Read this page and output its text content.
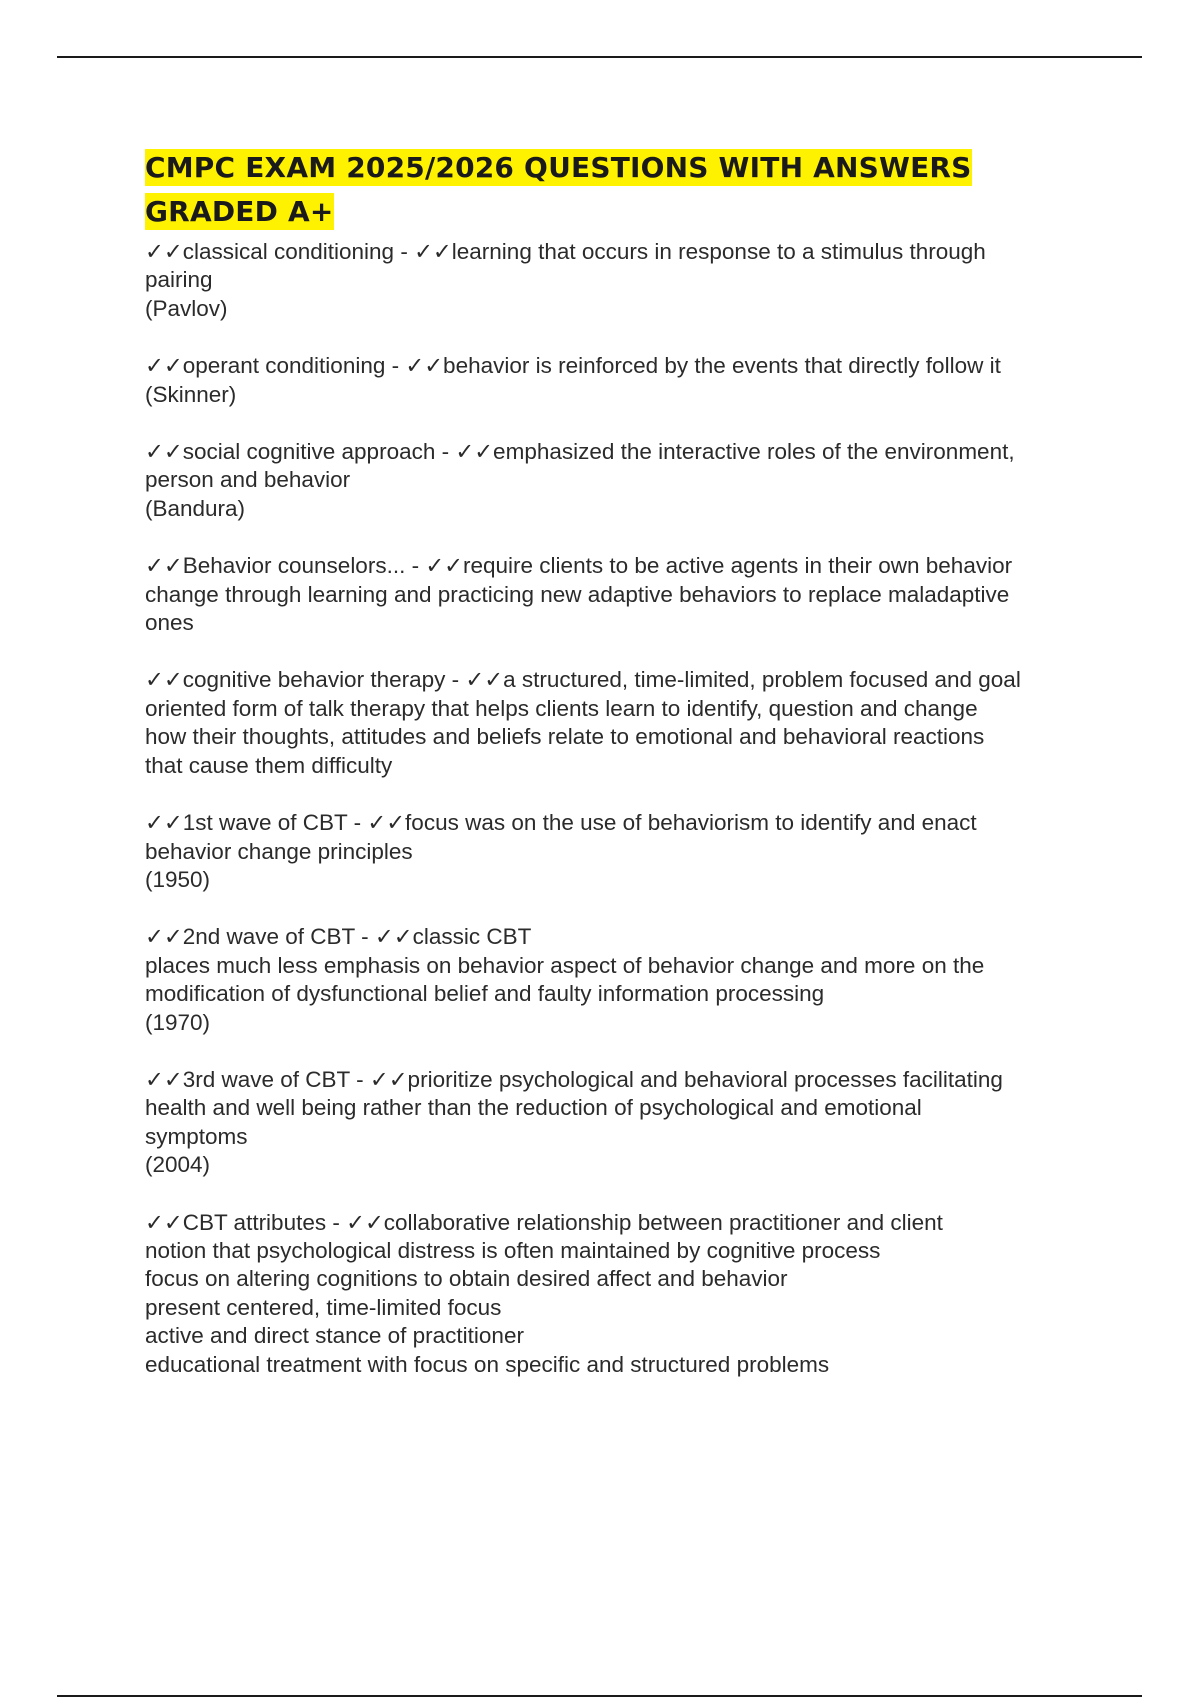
CMPC EXAM 2025/2026 QUESTIONS WITH ANSWERS GRADED A+
✓✓classical conditioning - ✓✓learning that occurs in response to a stimulus through
pairing
(Pavlov)
✓✓operant conditioning - ✓✓behavior is reinforced by the events that directly follow it
(Skinner)
✓✓social cognitive approach - ✓✓emphasized the interactive roles of the environment,
person and behavior
(Bandura)
✓✓Behavior counselors... - ✓✓require clients to be active agents in their own behavior
change through learning and practicing new adaptive behaviors to replace maladaptive
ones
✓✓cognitive behavior therapy - ✓✓a structured, time-limited, problem focused and goal
oriented form of talk therapy that helps clients learn to identify, question and change
how their thoughts, attitudes and beliefs relate to emotional and behavioral reactions
that cause them difficulty
✓✓1st wave of CBT - ✓✓focus was on the use of behaviorism to identify and enact
behavior change principles
(1950)
✓✓2nd wave of CBT - ✓✓classic CBT
places much less emphasis on behavior aspect of behavior change and more on the
modification of dysfunctional belief and faulty information processing
(1970)
✓✓3rd wave of CBT - ✓✓prioritize psychological and behavioral processes facilitating
health and well being rather than the reduction of psychological and emotional
symptoms
(2004)
✓✓CBT attributes - ✓✓collaborative relationship between practitioner and client
notion that psychological distress is often maintained by cognitive process
focus on altering cognitions to obtain desired affect and behavior
present centered, time-limited focus
active and direct stance of practitioner
educational treatment with focus on specific and structured problems
